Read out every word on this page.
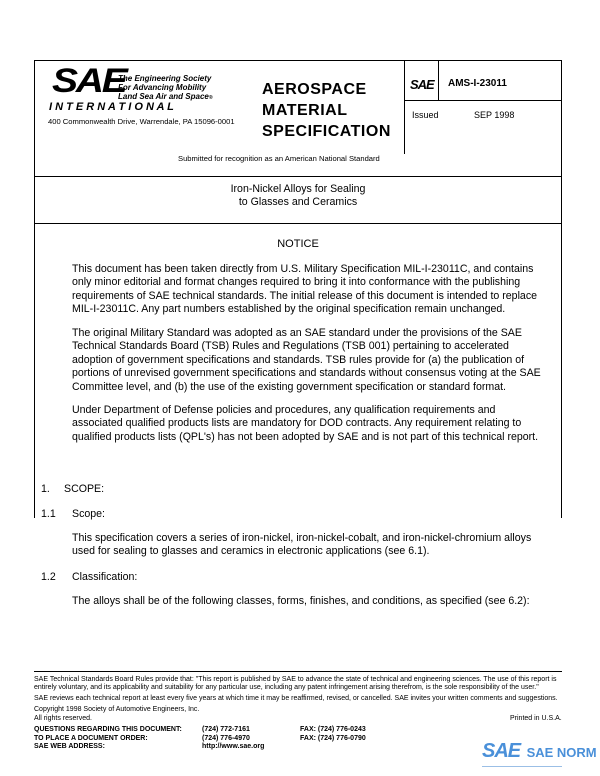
SAE
The Engineering Society
For Advancing Mobility
Land Sea Air and Space®
I N T E R N A T I O N A L
400 Commonwealth Drive, Warrendale, PA 15096-0001
AEROSPACE
MATERIAL
SPECIFICATION
SAE AMS-I-23011
Issued	SEP 1998
Submitted for recognition as an American National Standard
Iron-Nickel Alloys for Sealing
to Glasses and Ceramics
NOTICE
This document has been taken directly from U.S. Military Specification MIL-I-23011C, and contains only minor editorial and format changes required to bring it into conformance with the publishing requirements of SAE technical standards. The initial release of this document is intended to replace MIL-I-23011C. Any part numbers established by the original specification remain unchanged.
The original Military Standard was adopted as an SAE standard under the provisions of the SAE Technical Standards Board (TSB) Rules and Regulations (TSB 001) pertaining to accelerated adoption of government specifications and standards. TSB rules provide for (a) the publication of portions of unrevised government specifications and standards without consensus voting at the SAE Committee level, and (b) the use of the existing government specification or standard format.
Under Department of Defense policies and procedures, any qualification requirements and associated qualified products lists are mandatory for DOD contracts. Any requirement relating to qualified products lists (QPL's) has not been adopted by SAE and is not part of this technical report.
1. SCOPE:
1.1 Scope:
This specification covers a series of iron-nickel, iron-nickel-cobalt, and iron-nickel-chromium alloys used for sealing to glasses and ceramics in electronic applications (see 6.1).
1.2 Classification:
The alloys shall be of the following classes, forms, finishes, and conditions, as specified (see 6.2):
SAE Technical Standards Board Rules provide that: "This report is published by SAE to advance the state of technical and engineering sciences. The use of this report is entirely voluntary, and its applicability and suitability for any particular use, including any patent infringement arising therefrom, is the sole responsibility of the user."
SAE reviews each technical report at least every five years at which time it may be reaffirmed, revised, or cancelled. SAE invites your written comments and suggestions.
Copyright 1998 Society of Automotive Engineers, Inc.
All rights reserved.	Printed in U.S.A.
QUESTIONS REGARDING THIS DOCUMENT:
TO PLACE A DOCUMENT ORDER:
SAE WEB ADDRESS:
(724) 772-7161
(724) 776-4970
http://www.sae.org
FAX: (724) 776-0243
FAX: (724) 776-0790
SAE SAE NORM
